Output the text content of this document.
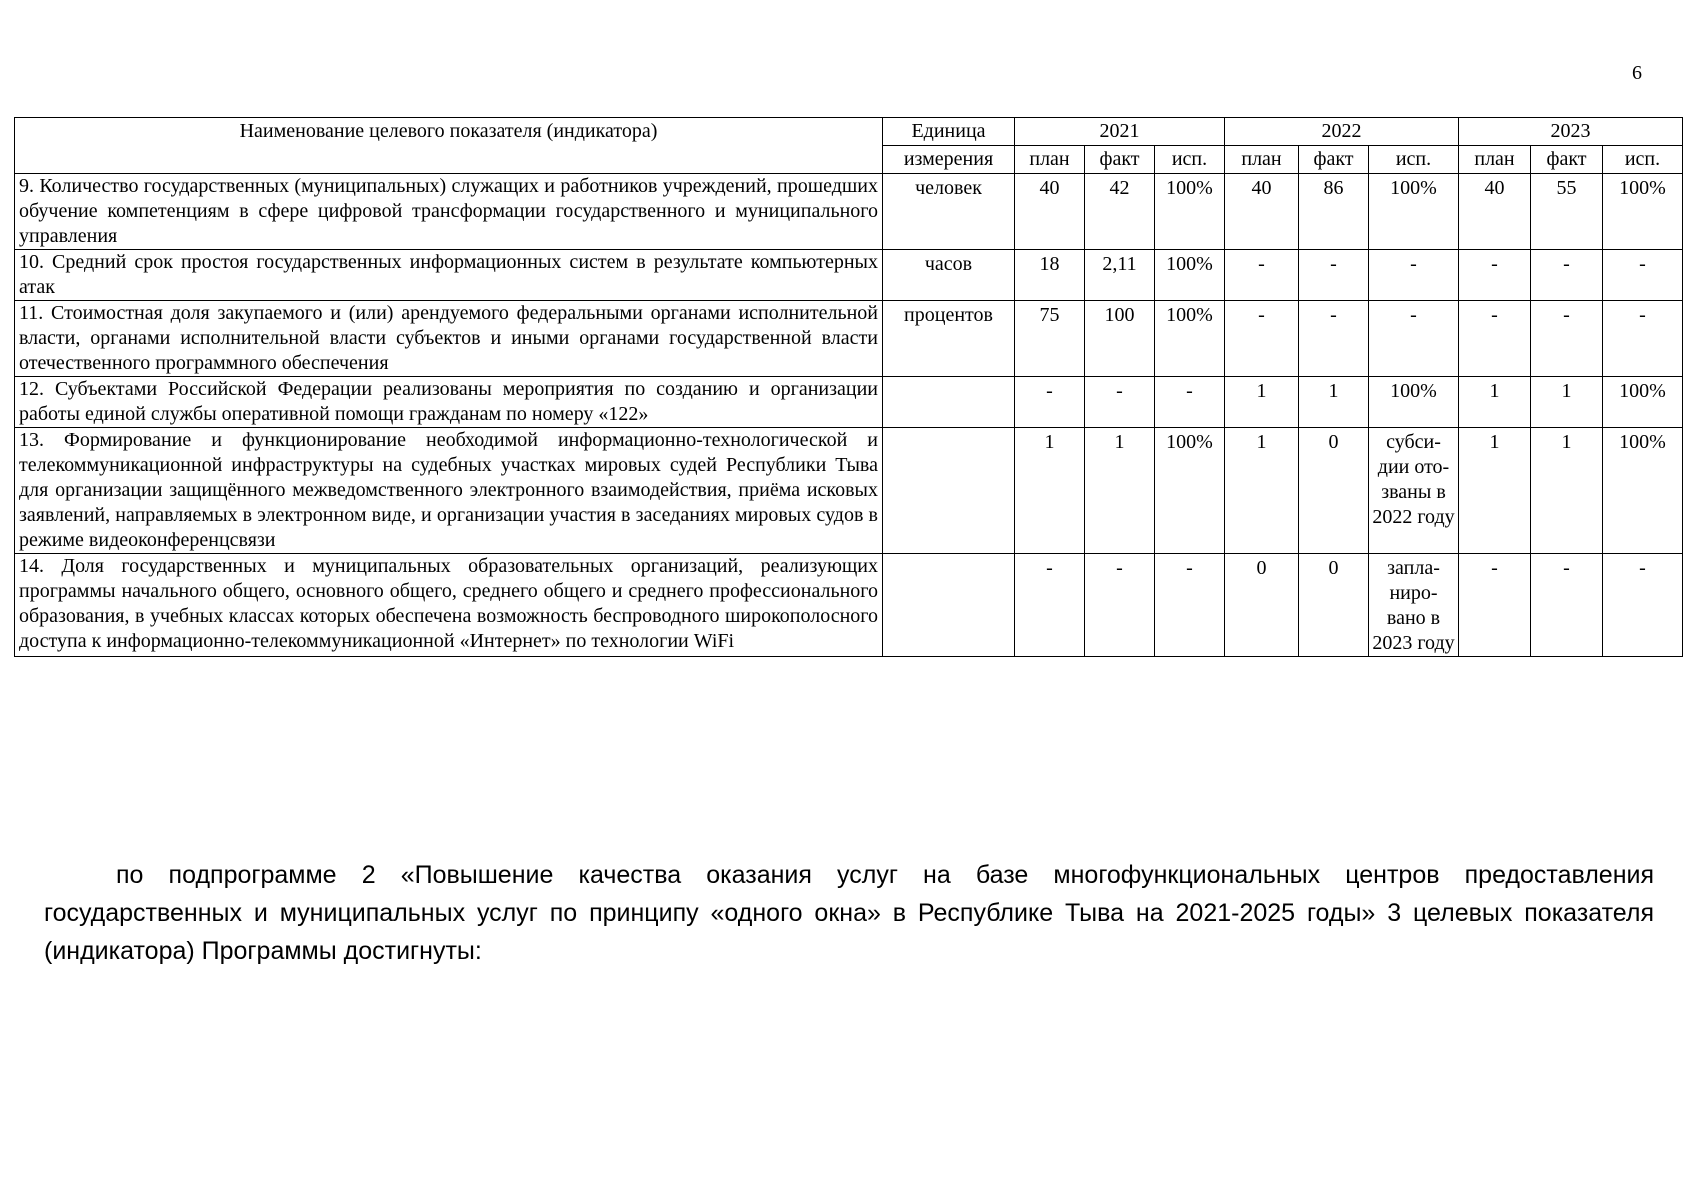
6
Наименование целевого показателя (индикатора)	Единица	2021			2022			2023		
	измерения	план	факт	исп.	план	факт	исп.	план	факт	исп.
9. Количество государственных (муниципальных) служащих и работников учреждений, прошедших обучение компетенциям в сфере цифровой трансформации государственного и муниципального управления	человек	40	42	100%	40	86	100%	40	55	100%
10. Средний срок простоя государственных информационных систем в результате компьютерных атак	часов	18	2,11	100%	-	-	-	-	-	-
11. Стоимостная доля закупаемого и (или) арендуемого федеральными органами исполнительной власти, органами исполнительной власти субъектов и иными органами государственной власти отечественного программного обеспечения	процентов	75	100	100%	-	-	-	-	-	-
12. Субъектами Российской Федерации реализованы мероприятия по созданию и организации работы единой службы оперативной помощи гражданам по номеру «122»		-	-	-	1	1	100%	1	1	100%
13. Формирование и функционирование необходимой информационно-технологической и телекоммуникационной инфраструктуры на судебных участках мировых судей Республики Тыва для организации защищённого межведомственного электронного взаимодействия, приёма исковых заявлений, направляемых в электронном виде, и организации участия в заседаниях мировых судов в режиме видеоконференцсвязи		1	1	100%	1	0	субси-дии ото-званы в 2022 году	1	1	100%
14. Доля государственных и муниципальных образовательных организаций, реализующих программы начального общего, основного общего, среднего общего и среднего профессионального образования, в учебных классах которых обеспечена возможность беспроводного широкополосного доступа к информационно-телекоммуникационной «Интернет» по технологии WiFi		-	-	-	0	0	запла-ниро-вано в 2023 году	-	-	-

по подпрограмме 2 «Повышение качества оказания услуг на базе многофункциональных центров предоставления государственных и муниципальных услуг по принципу «одного окна» в Республике Тыва на 2021-2025 годы» 3 целевых показателя (индикатора) Программы достигнуты:
